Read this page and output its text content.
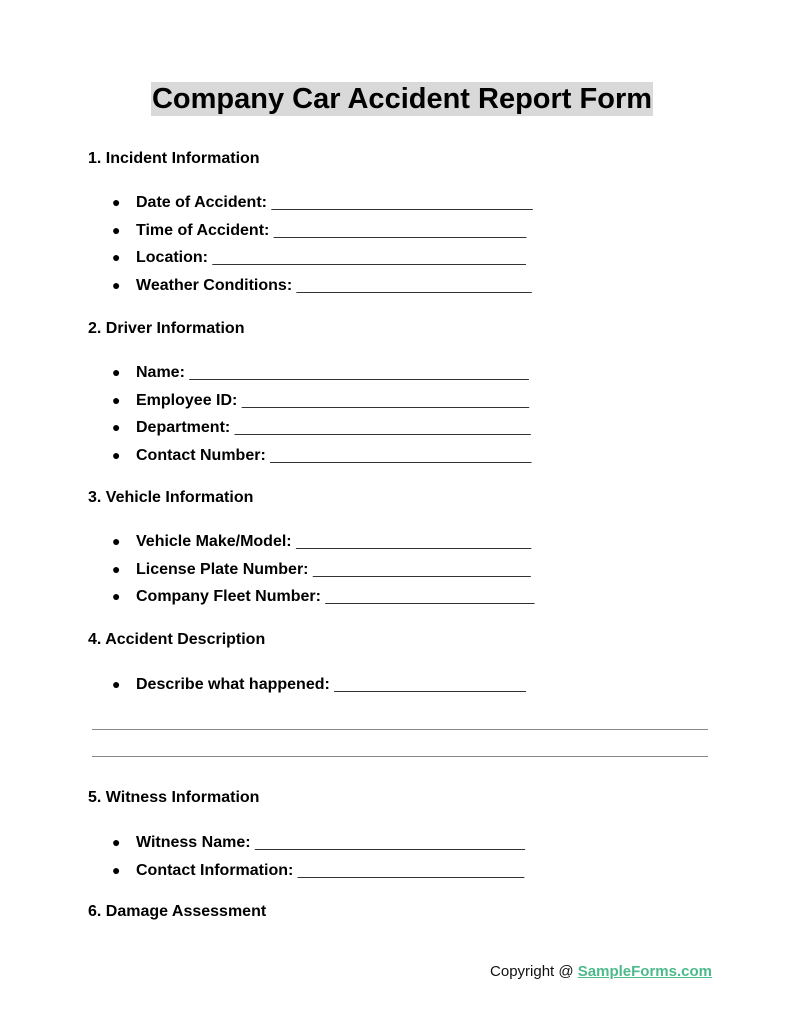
Company Car Accident Report Form
1. Incident Information
● Date of Accident: ______________________________
● Time of Accident: _____________________________
● Location: ____________________________________
● Weather Conditions: ___________________________
2. Driver Information
● Name: _______________________________________
● Employee ID: _________________________________
● Department: __________________________________
● Contact Number: ______________________________
3. Vehicle Information
● Vehicle Make/Model: ___________________________
● License Plate Number: _________________________
● Company Fleet Number: ________________________
4. Accident Description
● Describe what happened: ______________________
5. Witness Information
● Witness Name: _______________________________
● Contact Information: __________________________
6. Damage Assessment
Copyright @ SampleForms.com
